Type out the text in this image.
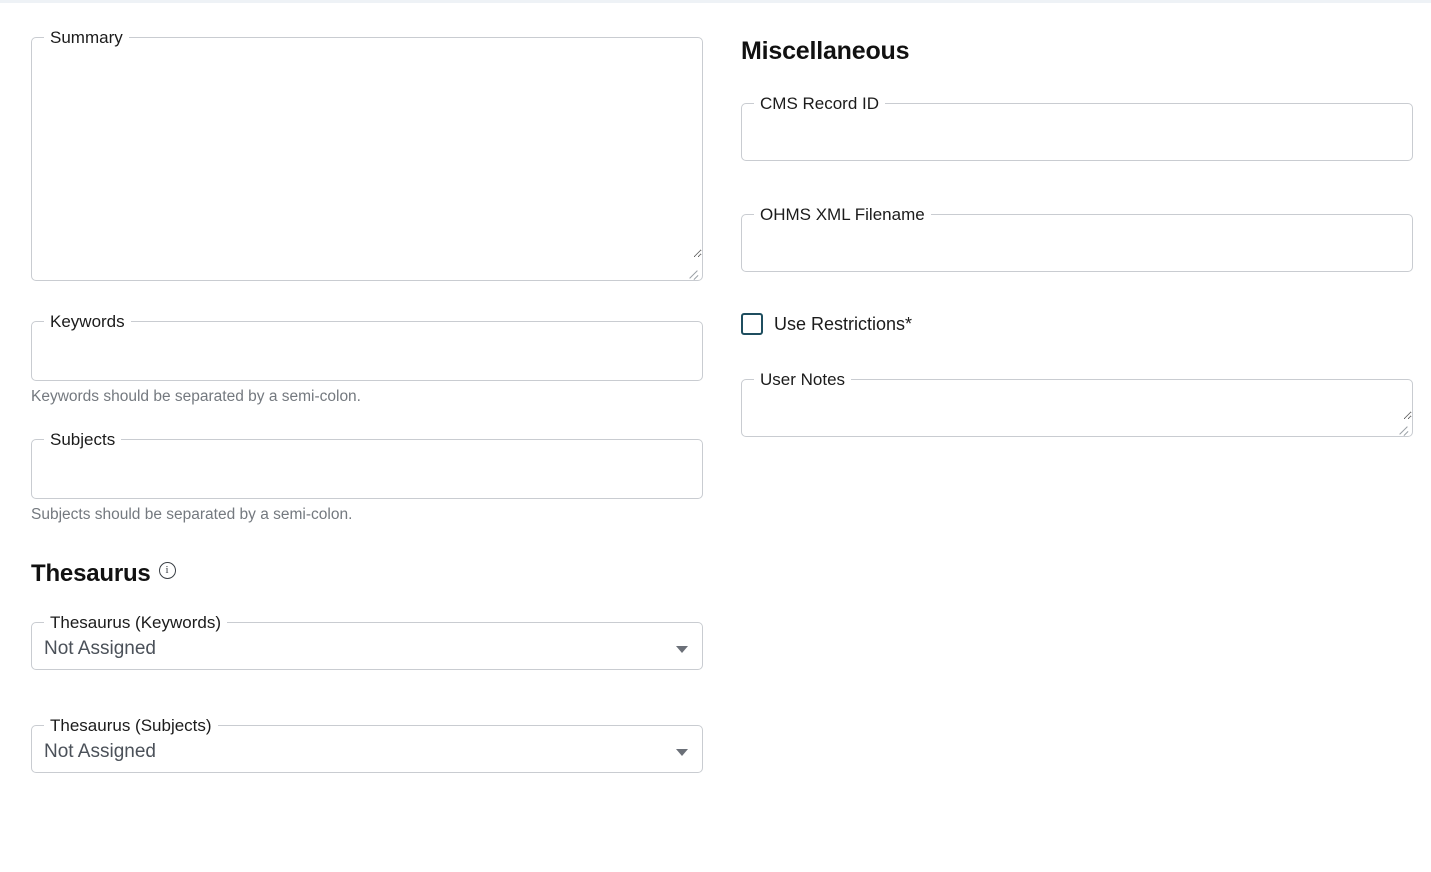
Summary
Keywords

Keywords should be separated by a semi-colon.

Subjects

Subjects should be separated by a semi-colon.

Thesaurus	i
Thesaurus (Keywords)
Not Assigned
Thesaurus (Subjects)
Not Assigned
Miscellaneous
CMS Record ID
OHMS XML Filename
Use Restrictions*
User Notes
